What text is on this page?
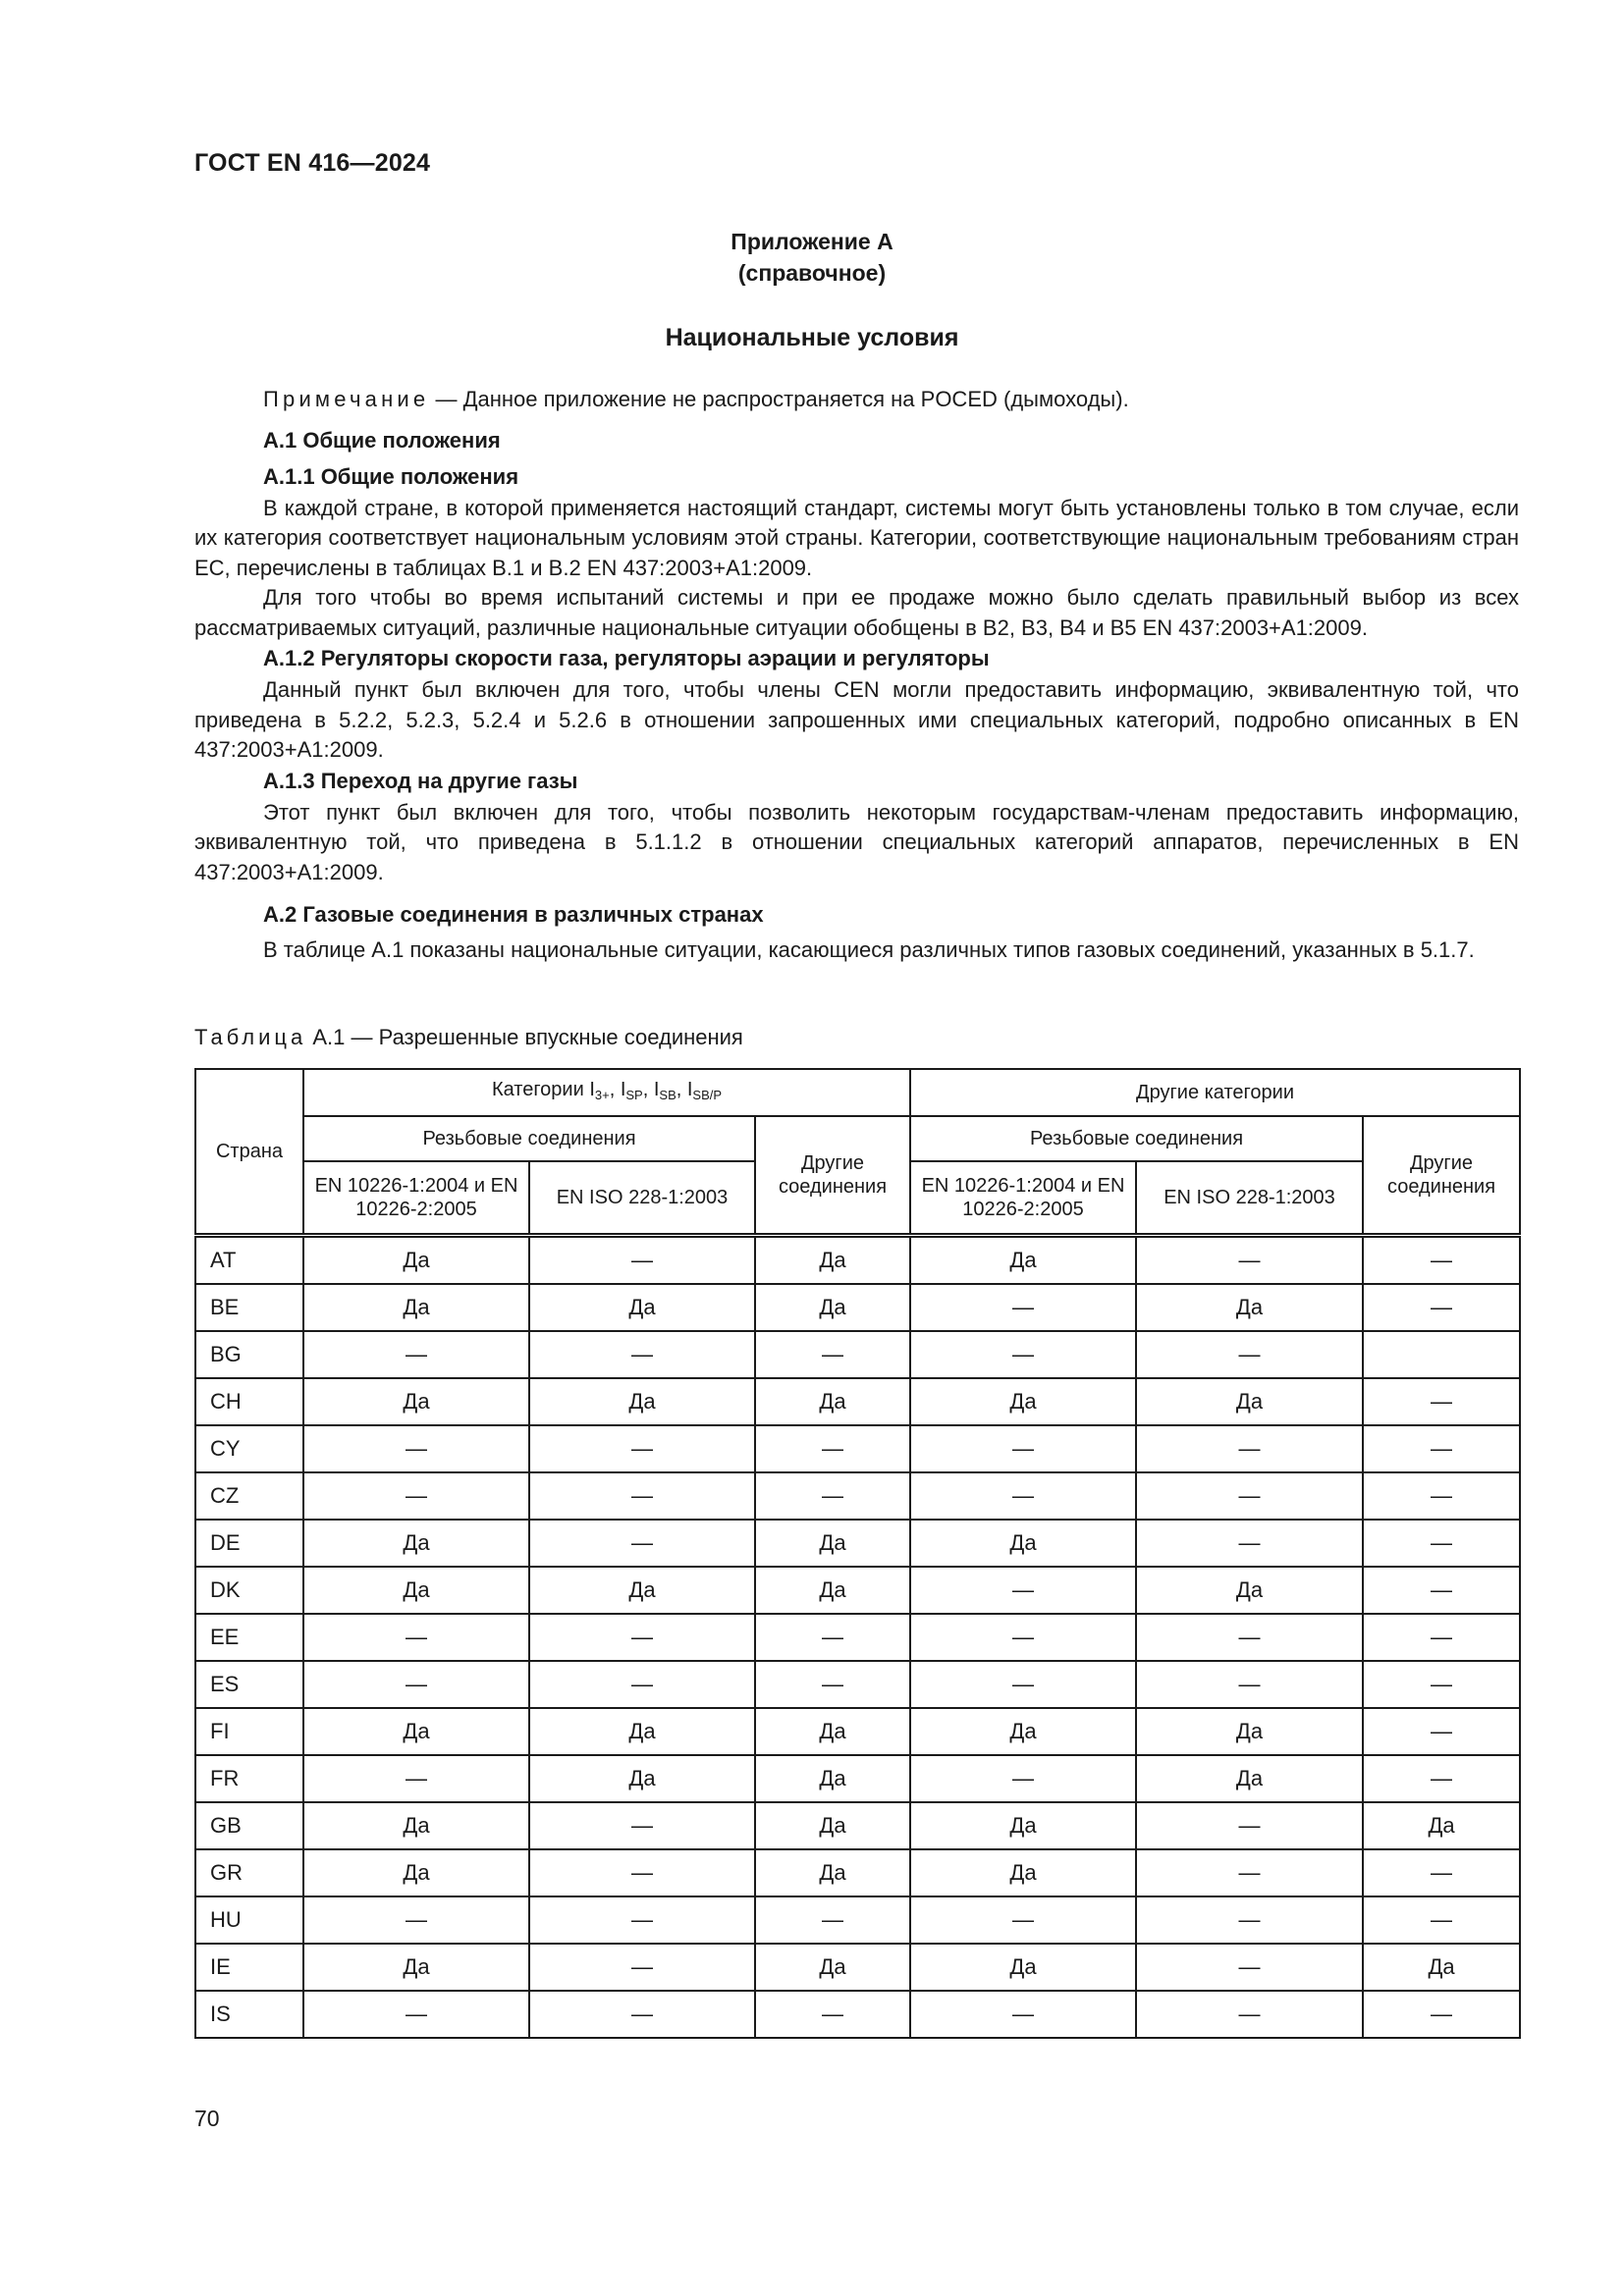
ГОСТ EN 416—2024
Приложение А
(справочное)
Национальные условия

Примечание — Данное приложение не распространяется на POCED (дымоходы).

А.1 Общие положения
А.1.1 Общие положения

В каждой стране, в которой применяется настоящий стандарт, системы могут быть установлены только в том случае, если их категория соответствует национальным условиям этой страны. Категории, соответствующие национальным требованиям стран ЕС, перечислены в таблицах В.1 и В.2 EN 437:2003+A1:2009.

Для того чтобы во время испытаний системы и при ее продаже можно было сделать правильный выбор из всех рассматриваемых ситуаций, различные национальные ситуации обобщены в B2, В3, В4 и В5 EN 437:2003+A1:2009.

А.1.2 Регуляторы скорости газа, регуляторы аэрации и регуляторы

Данный пункт был включен для того, чтобы члены CEN могли предоставить информацию, эквивалентную той, что приведена в 5.2.2, 5.2.3, 5.2.4 и 5.2.6 в отношении запрошенных ими специальных категорий, подробно описанных в EN 437:2003+A1:2009.

А.1.3 Переход на другие газы

Этот пункт был включен для того, чтобы позволить некоторым государствам-членам предоставить информацию, эквивалентную той, что приведена в 5.1.1.2 в отношении специальных категорий аппаратов, перечисленных в EN 437:2003+A1:2009.

А.2 Газовые соединения в различных странах

В таблице А.1 показаны национальные ситуации, касающиеся различных типов газовых соединений, указанных в 5.1.7.

Таблица А.1 — Разрешенные впускные соединения
Страна	Категории $I_{3+}$, $I_{SP}$, $I_{SB}$, $I_{SB/P}$			Другие категории		
	Резьбовые соединения		Другие соединения	Резьбовые соединения		Другие соединения
	EN 10226-1:2004 и EN 10226-2:2005	EN ISO 228-1:2003		EN 10226-1:2004 и EN 10226-2:2005	EN ISO 228-1:2003	
AT	Да	—	Да	Да	—	—
BE	Да	Да	Да	—	Да	—
BG	—	—	—	—	—	
CH	Да	Да	Да	Да	Да	—
CY	—	—	—	—	—	—
CZ	—	—	—	—	—	—
DE	Да	—	Да	Да	—	—
DK	Да	Да	Да	—	Да	—
EE	—	—	—	—	—	—
ES	—	—	—	—	—	—
FI	Да	Да	Да	Да	Да	—
FR	—	Да	Да	—	Да	—
GB	Да	—	Да	Да	—	Да
GR	Да	—	Да	Да	—	—
HU	—	—	—	—	—	—
IE	Да	—	Да	Да	—	Да
IS	—	—	—	—	—	—
70
